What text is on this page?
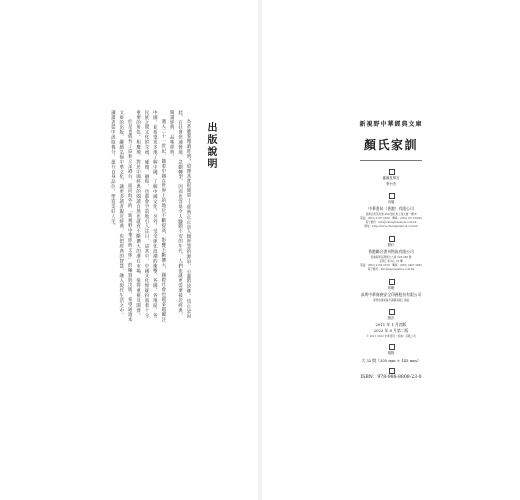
出版說明

為甚麼要閱讀經典？道理其實很簡單──經典正正是人類智慧的源泉、心靈的故鄉。也正是因此，在社會快速發展、急劇轉型，因而也容易令人躁動不安的年代，人們也就更需要接近經典、閱讀經典、品味經典。

邁入二十一世紀，隨着中國在世界上的地位不斷提高，影響不斷擴大，國際社會也越來越關注中國，並希望更多地了解中國、了解中國文化。另外，受全球化浪潮的衝擊，各國、各地區、各民族之間文化的交流、碰撞、融和，也都會空前地引人注目，這其中，中國文化無疑扮演着十分重要的角色。相應地，對於中國經典的閱讀自然也就有不斷擴大的潛在市場，值得重視及開發。

於是也就有了這套立足港台、面向海外的「新視野中華經典文庫」的編寫與出版。希望通過本文庫的出版，繼續弘揚中華文化，讓更多讀者親近經典，也把經典的智慧，融入現代生活之中，讓讀者從中汲取養分，提升自身品位，塑造美好人生。	新視野中華經典文庫
顏氏家訓
審讀及導言
李小杰
出版
中華書局（香港）有限公司
香港北角英皇道 499 號北角工業大廈一樓 B
電話：(852) 2137 2338　傳真：(852) 2713 8202
電子郵件：info@chunghwabook.com.hk
網址：http://www.chunghwabook.com.hk
發行
香港聯合書刊物流有限公司
香港新界荃灣德士古道 220-248 號
荃灣工業中心 16 樓
電話：(852) 2150 2100　傳真：(852) 2407 3062
電子郵件：info@suplogistics.com.hk
印刷
深圳中華商務安全印務股份有限公司
深圳市龍崗區平湖鎮春湖工業區
版次
2011 年 1 月初版
2022 年 8 月第二版
© 2011 2022 中華書局（香港）有限公司
規格
大 32 開（205 mm × 143 mm）
ISBN：978-988-8808-23-0
